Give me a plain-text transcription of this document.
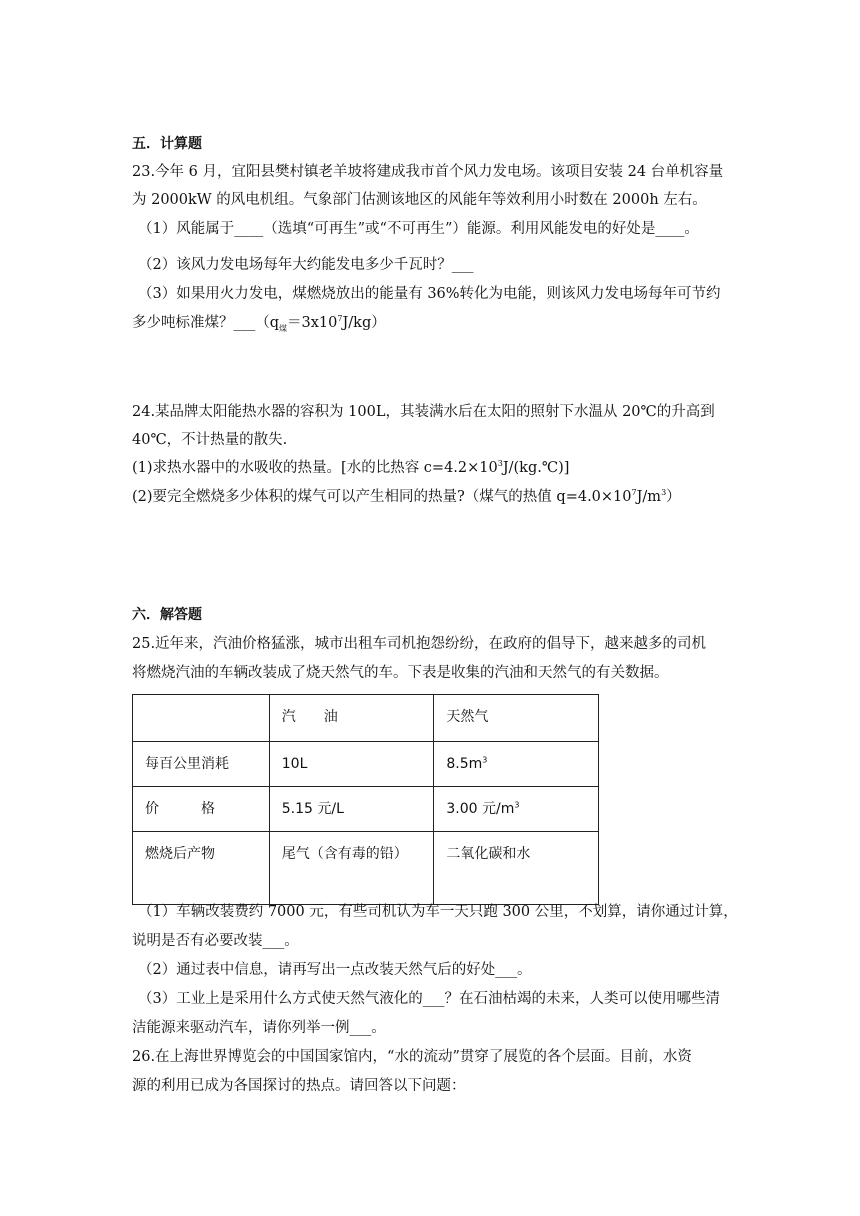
五．计算题
23.今年 6 月，宜阳县樊村镇老羊坡将建成我市首个风力发电场。该项目安装 24 台单机容量
为 2000kW 的风电机组。气象部门估测该地区的风能年等效利用小时数在 2000h 左右。
（1）风能属于____（选填“可再生”或“不可再生”）能源。利用风能发电的好处是____。
（2）该风力发电场每年大约能发电多少千瓦时？___
（3）如果用火力发电，煤燃烧放出的能量有 36%转化为电能，则该风力发电场每年可节约
多少吨标准煤？$\_\_\_(q_煤=3x10^7J/kg)$
24.某品牌太阳能热水器的容积为 100L，其装满水后在太阳的照射下水温从 20℃的升高到
40℃，不计热量的散失.
(1)求热水器中的水吸收的热量。[水的比热容 $c=4.2\times 10^3J/(kg.℃)$]
(2)要完全燃烧多少体积的煤气可以产生相同的热量?（煤气的热值 $q=4.0\times 10^7J/m^3$）
六．解答题
25.近年来，汽油价格猛涨，城市出租车司机抱怨纷纷，在政府的倡导下，越来越多的司机
将燃烧汽油的车辆改装成了烧天然气的车。下表是收集的汽油和天然气的有关数据。
	汽　　油	天然气
每百公里消耗	10L	$8.5m^3$
价　　　格	5.15 元/L	3.00 元$/m^3$
燃烧后产物	尾气（含有毒的铅）	二氧化碳和水
（1）车辆改装费约 7000 元，有些司机认为车一天只跑 300 公里，不划算，请你通过计算，
说明是否有必要改装___。
（2）通过表中信息，请再写出一点改装天然气后的好处___。
（3）工业上是采用什么方式使天然气液化的___？在石油枯竭的未来，人类可以使用哪些清
洁能源来驱动汽车，请你列举一例___。
26.在上海世界博览会的中国国家馆内，“水的流动”贯穿了展览的各个层面。目前，水资
源的利用已成为各国探讨的热点。请回答以下问题：
